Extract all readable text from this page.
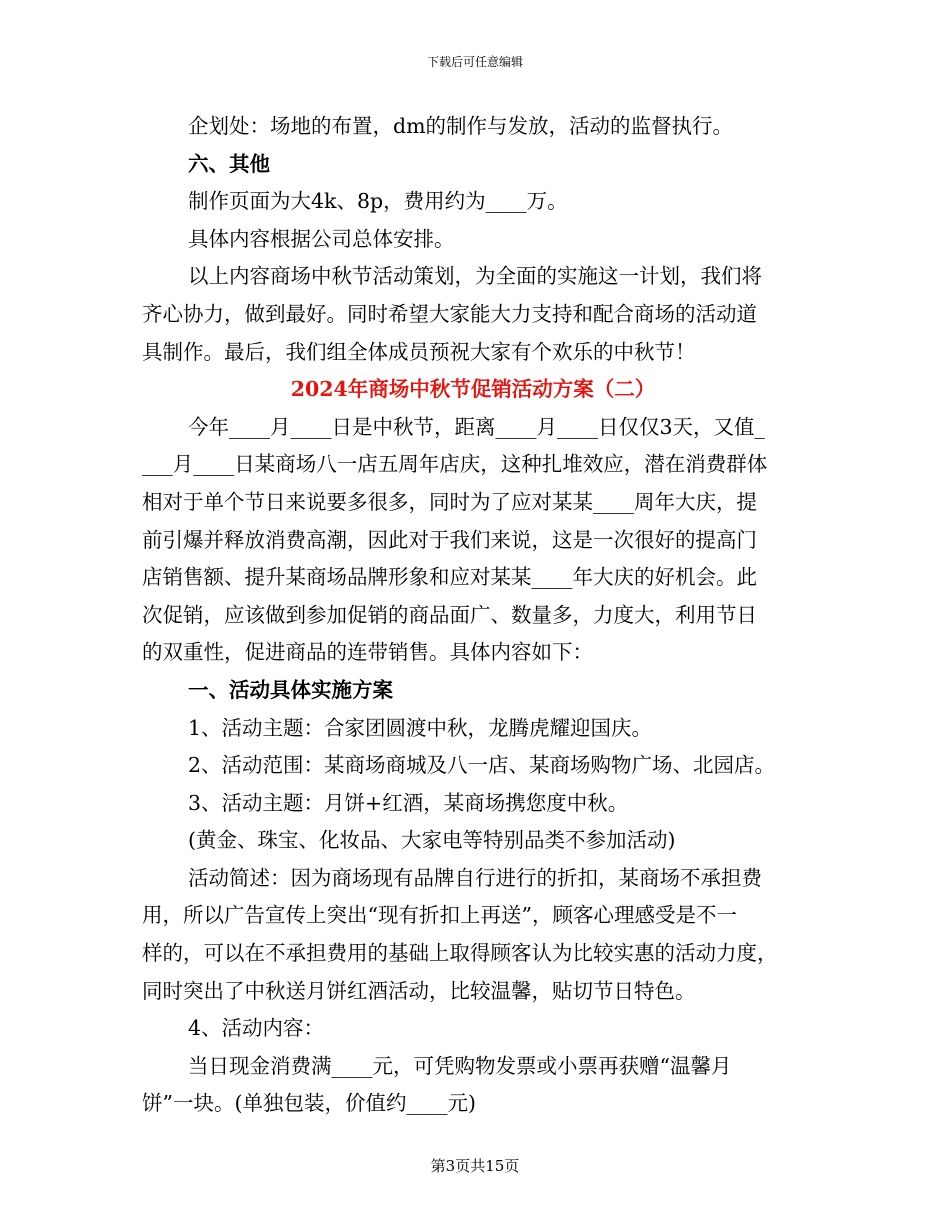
下载后可任意编辑

企划处：场地的布置，dm的制作与发放，活动的监督执行。

六、其他

制作页面为大4k、8p，费用约为____万。

具体内容根据公司总体安排。

以上内容商场中秋节活动策划，为全面的实施这一计划，我们将

齐心协力，做到最好。同时希望大家能大力支持和配合商场的活动道

具制作。最后，我们组全体成员预祝大家有个欢乐的中秋节！

2024年商场中秋节促销活动方案（二）

今年____月____日是中秋节，距离____月____日仅仅3天，又值_

___月____日某商场八一店五周年店庆，这种扎堆效应，潜在消费群体

相对于单个节日来说要多很多，同时为了应对某某____周年大庆，提

前引爆并释放消费高潮，因此对于我们来说，这是一次很好的提高门

店销售额、提升某商场品牌形象和应对某某____年大庆的好机会。此

次促销，应该做到参加促销的商品面广、数量多，力度大，利用节日

的双重性，促进商品的连带销售。具体内容如下：

一、活动具体实施方案

1、活动主题：合家团圆渡中秋，龙腾虎耀迎国庆。

2、活动范围：某商场商城及八一店、某商场购物广场、北园店。

3、活动主题：月饼+红酒，某商场携您度中秋。

(黄金、珠宝、化妆品、大家电等特别品类不参加活动)

活动简述：因为商场现有品牌自行进行的折扣，某商场不承担费

用，所以广告宣传上突出“现有折扣上再送”，顾客心理感受是不一

样的，可以在不承担费用的基础上取得顾客认为比较实惠的活动力度，

同时突出了中秋送月饼红酒活动，比较温馨，贴切节日特色。

4、活动内容：

当日现金消费满____元，可凭购物发票或小票再获赠“温馨月

饼”一块。(单独包装，价值约____元)

第3页共15页
